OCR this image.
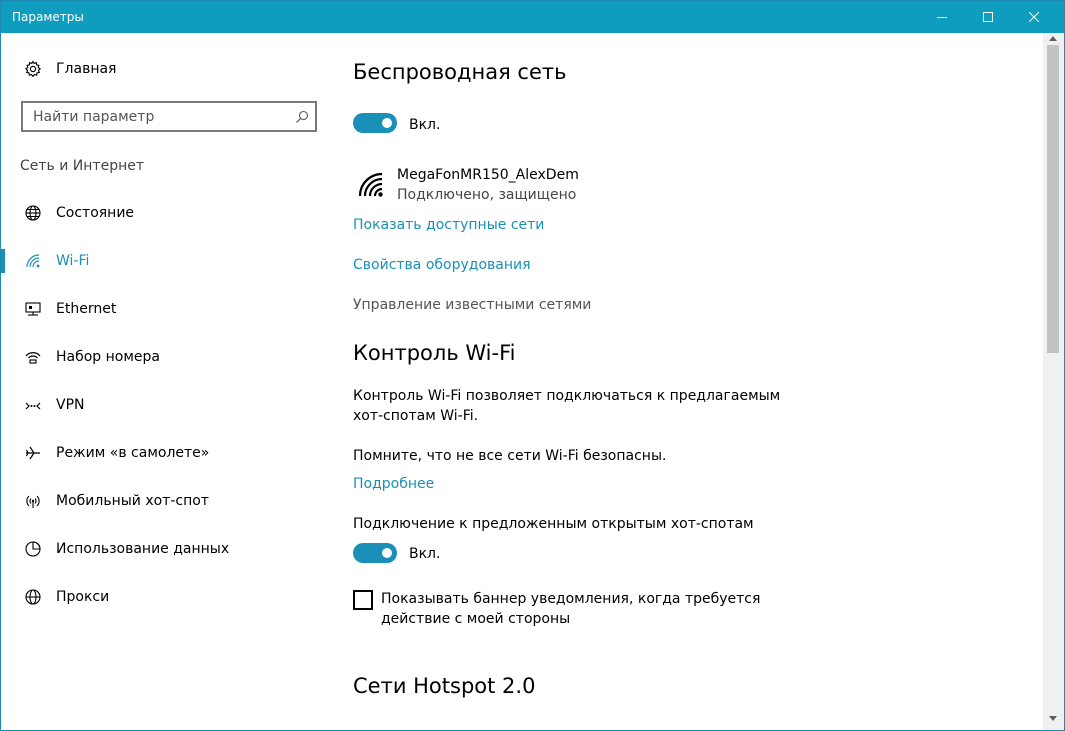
Параметры
Главная
Найти параметр
Сеть и Интернет
Состояние
Wi-Fi
Ethernet
Набор номера
VPN
Режим «в самолете»
Мобильный хот-спот
Использование данных
Прокси
Беспроводная сеть
Вкл.
MegaFonMR150_AlexDem
Подключено, защищено
Показать доступные сети
Свойства оборудования
Управление известными сетями
Контроль Wi-Fi
Контроль Wi-Fi позволяет подключаться к предлагаемым хот-спотам Wi-Fi.
Помните, что не все сети Wi-Fi безопасны.
Подробнее
Подключение к предложенным открытым хот-спотам
Вкл.
Показывать баннер уведомления, когда требуется действие с моей стороны
Сети Hotspot 2.0
